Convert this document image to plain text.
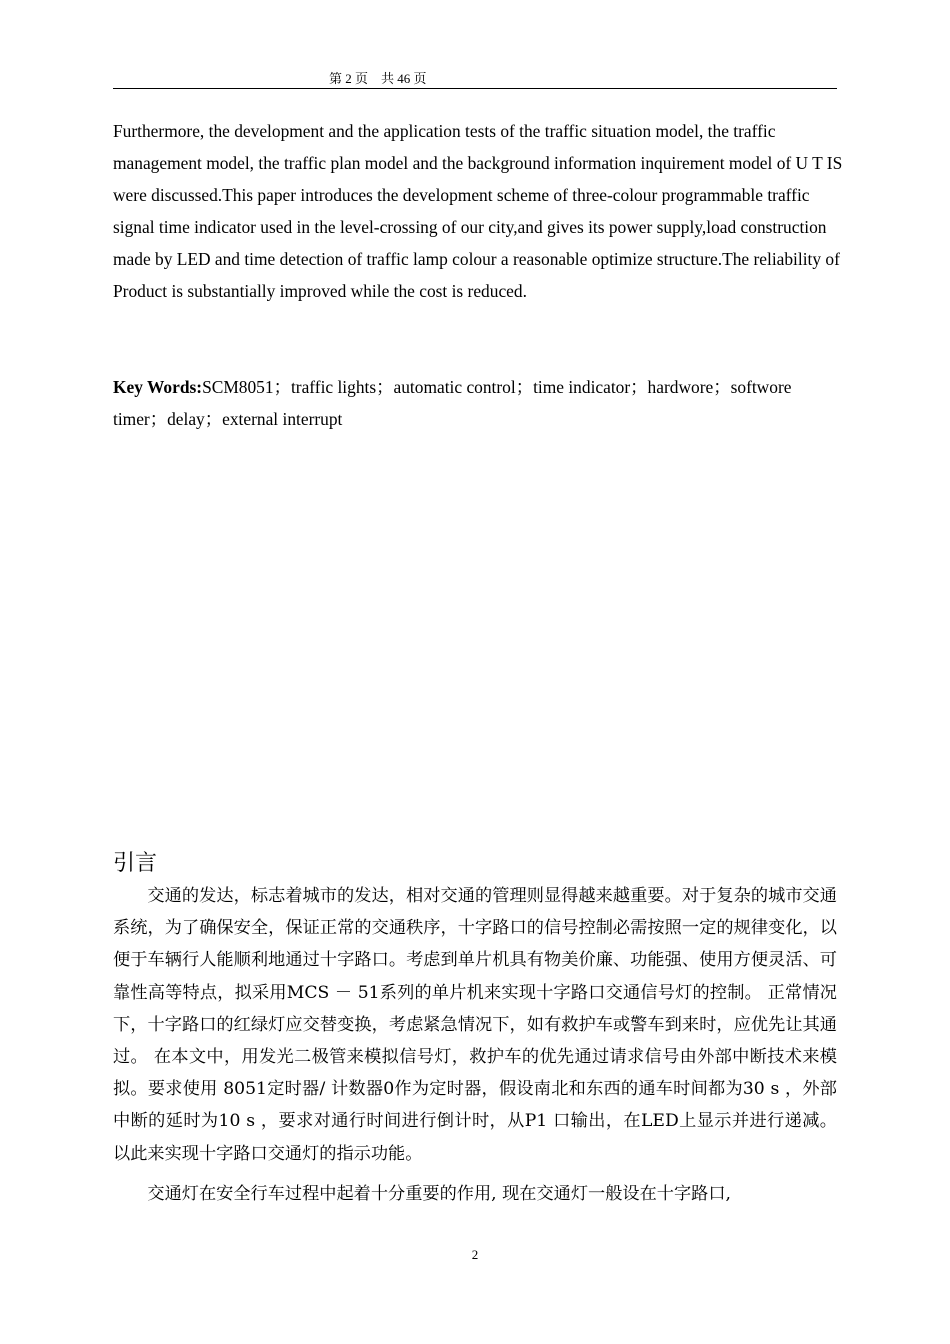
第 2 页　共 46 页

Furthermore, the development and the application tests of the traffic situation model, the traffic management model, the traffic plan model and the background information inquirement model of U T IS were discussed.This paper introduces the development scheme of three-colour programmable traffic signal time indicator used in the level-crossing of our city,and gives its power supply,load construction made by LED and time detection of traffic lamp colour a reasonable optimize structure.The reliability of Product is substantially improved while the cost is reduced.

Key Words:SCM8051；traffic lights；automatic control；time indicator；hardwore；softwore timer；delay；external interrupt
引言

交通的发达，标志着城市的发达，相对交通的管理则显得越来越重要。对于复杂的城市交通系统，为了确保安全，保证正常的交通秩序，十字路口的信号控制必需按照一定的规律变化，以便于车辆行人能顺利地通过十字路口。考虑到单片机具有物美价廉、功能强、使用方便灵活、可靠性高等特点，拟采用MCS － 51系列的单片机来实现十字路口交通信号灯的控制。 正常情况下，十字路口的红绿灯应交替变换，考虑紧急情况下，如有救护车或警车到来时，应优先让其通过。 在本文中，用发光二极管来模拟信号灯，救护车的优先通过请求信号由外部中断技术来模拟。要求使用 8051定时器/ 计数器0作为定时器，假设南北和东西的通车时间都为30 s ，外部中断的延时为10 s ，要求对通行时间进行倒计时，从P1 口输出，在LED上显示并进行递减。以此来实现十字路口交通灯的指示功能。

交通灯在安全行车过程中起着十分重要的作用, 现在交通灯一般设在十字路口,

2
